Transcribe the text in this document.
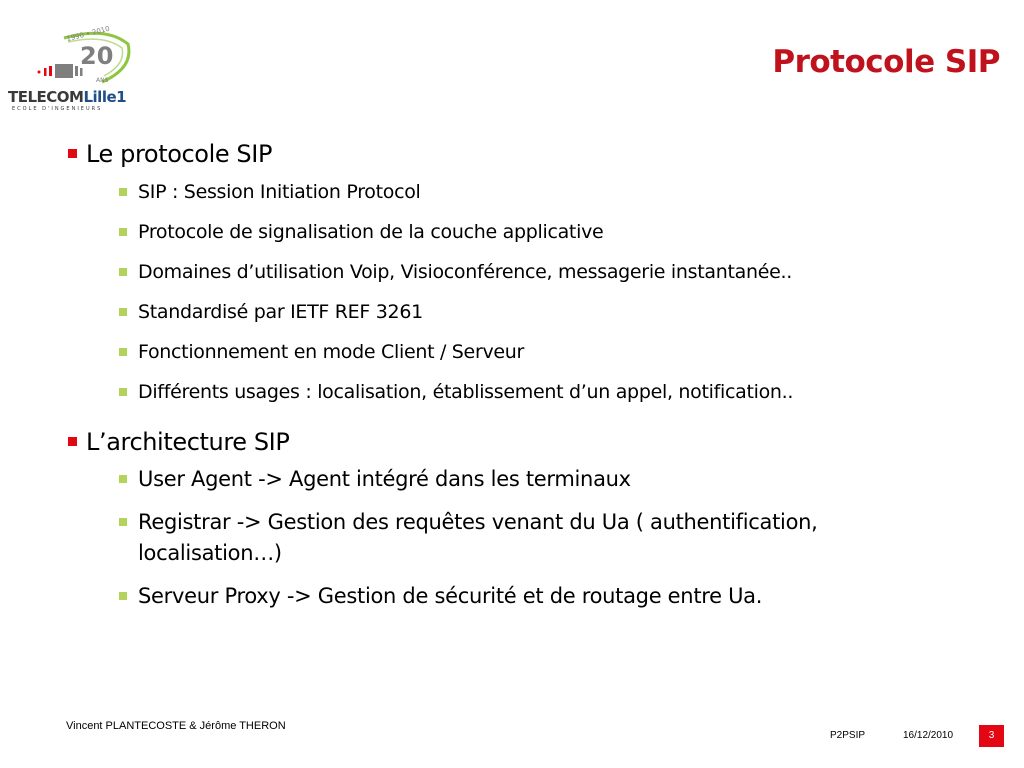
20
1990 • 2010
ANS
TELECOMLille1
ECOLE D'INGENIEURS
Protocole SIP

Le protocole SIP

SIP : Session Initiation Protocol

Protocole de signalisation de la couche applicative

Domaines d’utilisation Voip, Visioconférence, messagerie instantanée..

Standardisé par IETF REF 3261

Fonctionnement en mode Client / Serveur

Différents usages : localisation, établissement d’un appel, notification..

L’architecture SIP

User Agent -> Agent intégré dans les terminaux

Registrar -> Gestion des requêtes venant du Ua ( authentification, localisation…)

Serveur Proxy -> Gestion de sécurité et de routage entre Ua.

Vincent PLANTECOSTE & Jérôme THERON
P2PSIP	16/12/2010	3
